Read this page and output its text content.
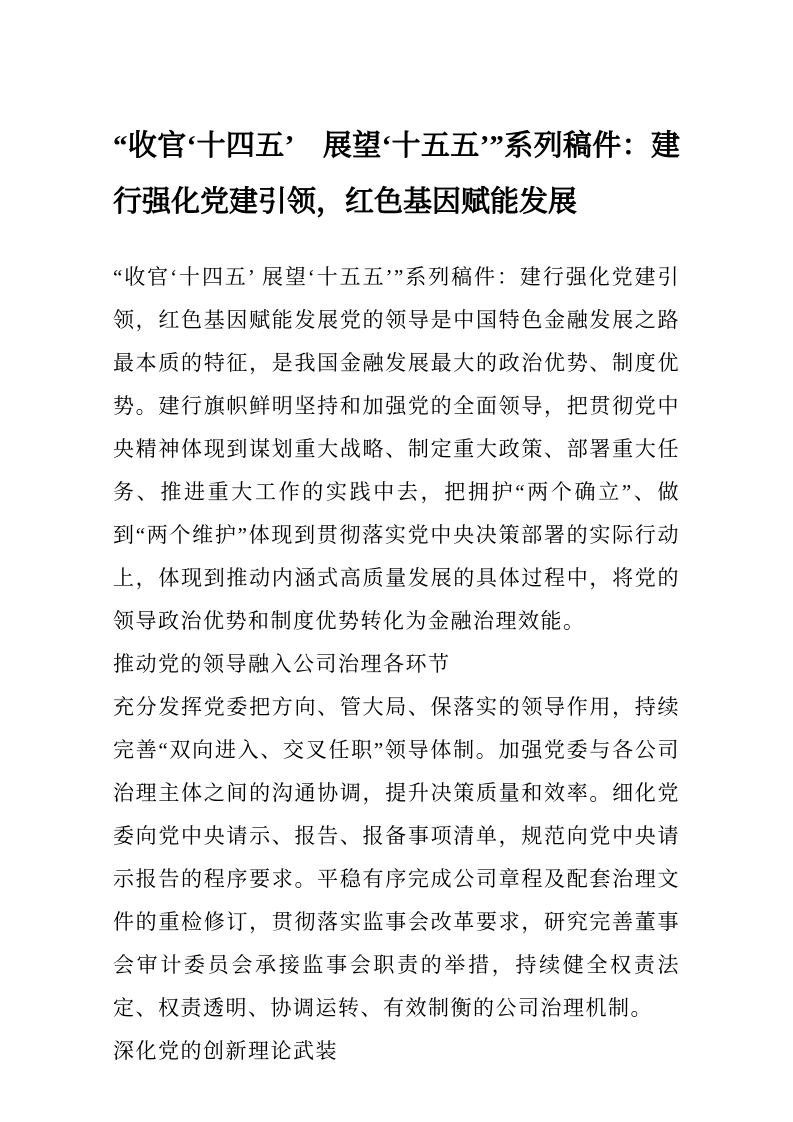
“收官‘十四五’　展望‘十五五’”系列稿件：建行强化党建引领，红色基因赋能发展

“收官‘十四五’ 展望‘十五五’”系列稿件：建行强化党建引领，红色基因赋能发展党的领导是中国特色金融发展之路最本质的特征，是我国金融发展最大的政治优势、制度优势。建行旗帜鲜明坚持和加强党的全面领导，把贯彻党中央精神体现到谋划重大战略、制定重大政策、部署重大任务、推进重大工作的实践中去，把拥护“两个确立”、做到“两个维护”体现到贯彻落实党中央决策部署的实际行动上，体现到推动内涵式高质量发展的具体过程中，将党的领导政治优势和制度优势转化为金融治理效能。

推动党的领导融入公司治理各环节

充分发挥党委把方向、管大局、保落实的领导作用，持续完善“双向进入、交叉任职”领导体制。加强党委与各公司治理主体之间的沟通协调，提升决策质量和效率。细化党委向党中央请示、报告、报备事项清单，规范向党中央请示报告的程序要求。平稳有序完成公司章程及配套治理文件的重检修订，贯彻落实监事会改革要求，研究完善董事会审计委员会承接监事会职责的举措，持续健全权责法定、权责透明、协调运转、有效制衡的公司治理机制。

深化党的创新理论武装
